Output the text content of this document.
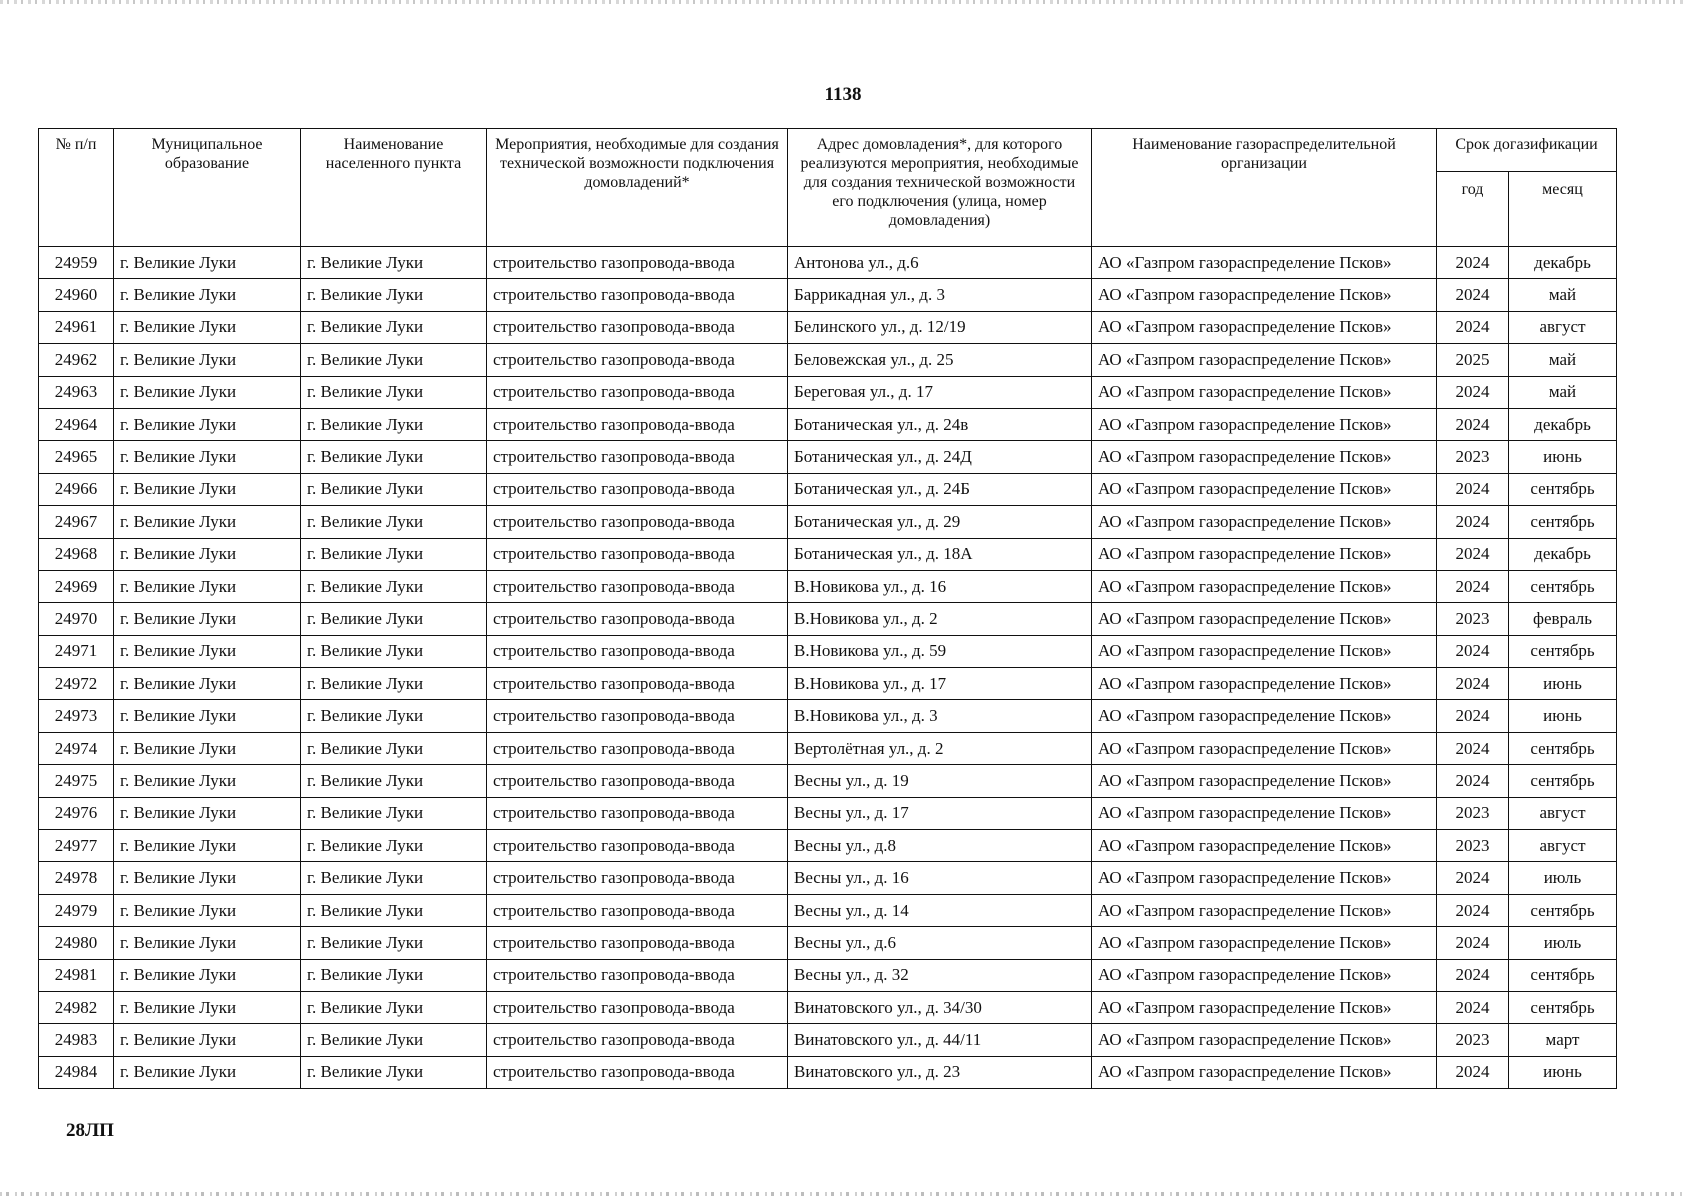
1138
№ п/п	Муниципальное образование	Наименование населенного пункта	Мероприятия, необходимые для создания технической возможности подключения домовладений*	Адрес домовладения*, для которого реализуются мероприятия, необходимые для создания технической возможности его подключения (улица, номер домовладения)	Наименование газораспределительной организации	Срок догазификации	
						год	месяц
24959	г. Великие Луки	г. Великие Луки	строительство газопровода-ввода	Антонова ул., д.6	АО «Газпром газораспределение Псков»	2024	декабрь
24960	г. Великие Луки	г. Великие Луки	строительство газопровода-ввода	Баррикадная ул., д. 3	АО «Газпром газораспределение Псков»	2024	май
24961	г. Великие Луки	г. Великие Луки	строительство газопровода-ввода	Белинского ул., д. 12/19	АО «Газпром газораспределение Псков»	2024	август
24962	г. Великие Луки	г. Великие Луки	строительство газопровода-ввода	Беловежская ул., д. 25	АО «Газпром газораспределение Псков»	2025	май
24963	г. Великие Луки	г. Великие Луки	строительство газопровода-ввода	Береговая ул., д. 17	АО «Газпром газораспределение Псков»	2024	май
24964	г. Великие Луки	г. Великие Луки	строительство газопровода-ввода	Ботаническая ул., д. 24в	АО «Газпром газораспределение Псков»	2024	декабрь
24965	г. Великие Луки	г. Великие Луки	строительство газопровода-ввода	Ботаническая ул., д. 24Д	АО «Газпром газораспределение Псков»	2023	июнь
24966	г. Великие Луки	г. Великие Луки	строительство газопровода-ввода	Ботаническая ул., д. 24Б	АО «Газпром газораспределение Псков»	2024	сентябрь
24967	г. Великие Луки	г. Великие Луки	строительство газопровода-ввода	Ботаническая ул., д. 29	АО «Газпром газораспределение Псков»	2024	сентябрь
24968	г. Великие Луки	г. Великие Луки	строительство газопровода-ввода	Ботаническая ул., д. 18А	АО «Газпром газораспределение Псков»	2024	декабрь
24969	г. Великие Луки	г. Великие Луки	строительство газопровода-ввода	В.Новикова ул., д. 16	АО «Газпром газораспределение Псков»	2024	сентябрь
24970	г. Великие Луки	г. Великие Луки	строительство газопровода-ввода	В.Новикова ул., д. 2	АО «Газпром газораспределение Псков»	2023	февраль
24971	г. Великие Луки	г. Великие Луки	строительство газопровода-ввода	В.Новикова ул., д. 59	АО «Газпром газораспределение Псков»	2024	сентябрь
24972	г. Великие Луки	г. Великие Луки	строительство газопровода-ввода	В.Новикова ул., д. 17	АО «Газпром газораспределение Псков»	2024	июнь
24973	г. Великие Луки	г. Великие Луки	строительство газопровода-ввода	В.Новикова ул., д. 3	АО «Газпром газораспределение Псков»	2024	июнь
24974	г. Великие Луки	г. Великие Луки	строительство газопровода-ввода	Вертолётная ул., д. 2	АО «Газпром газораспределение Псков»	2024	сентябрь
24975	г. Великие Луки	г. Великие Луки	строительство газопровода-ввода	Весны ул., д. 19	АО «Газпром газораспределение Псков»	2024	сентябрь
24976	г. Великие Луки	г. Великие Луки	строительство газопровода-ввода	Весны ул., д. 17	АО «Газпром газораспределение Псков»	2023	август
24977	г. Великие Луки	г. Великие Луки	строительство газопровода-ввода	Весны ул., д.8	АО «Газпром газораспределение Псков»	2023	август
24978	г. Великие Луки	г. Великие Луки	строительство газопровода-ввода	Весны ул., д. 16	АО «Газпром газораспределение Псков»	2024	июль
24979	г. Великие Луки	г. Великие Луки	строительство газопровода-ввода	Весны ул., д. 14	АО «Газпром газораспределение Псков»	2024	сентябрь
24980	г. Великие Луки	г. Великие Луки	строительство газопровода-ввода	Весны ул., д.6	АО «Газпром газораспределение Псков»	2024	июль
24981	г. Великие Луки	г. Великие Луки	строительство газопровода-ввода	Весны ул., д. 32	АО «Газпром газораспределение Псков»	2024	сентябрь
24982	г. Великие Луки	г. Великие Луки	строительство газопровода-ввода	Винатовского ул., д. 34/30	АО «Газпром газораспределение Псков»	2024	сентябрь
24983	г. Великие Луки	г. Великие Луки	строительство газопровода-ввода	Винатовского ул., д. 44/11	АО «Газпром газораспределение Псков»	2023	март
24984	г. Великие Луки	г. Великие Луки	строительство газопровода-ввода	Винатовского ул., д. 23	АО «Газпром газораспределение Псков»	2024	июнь
28ЛП
